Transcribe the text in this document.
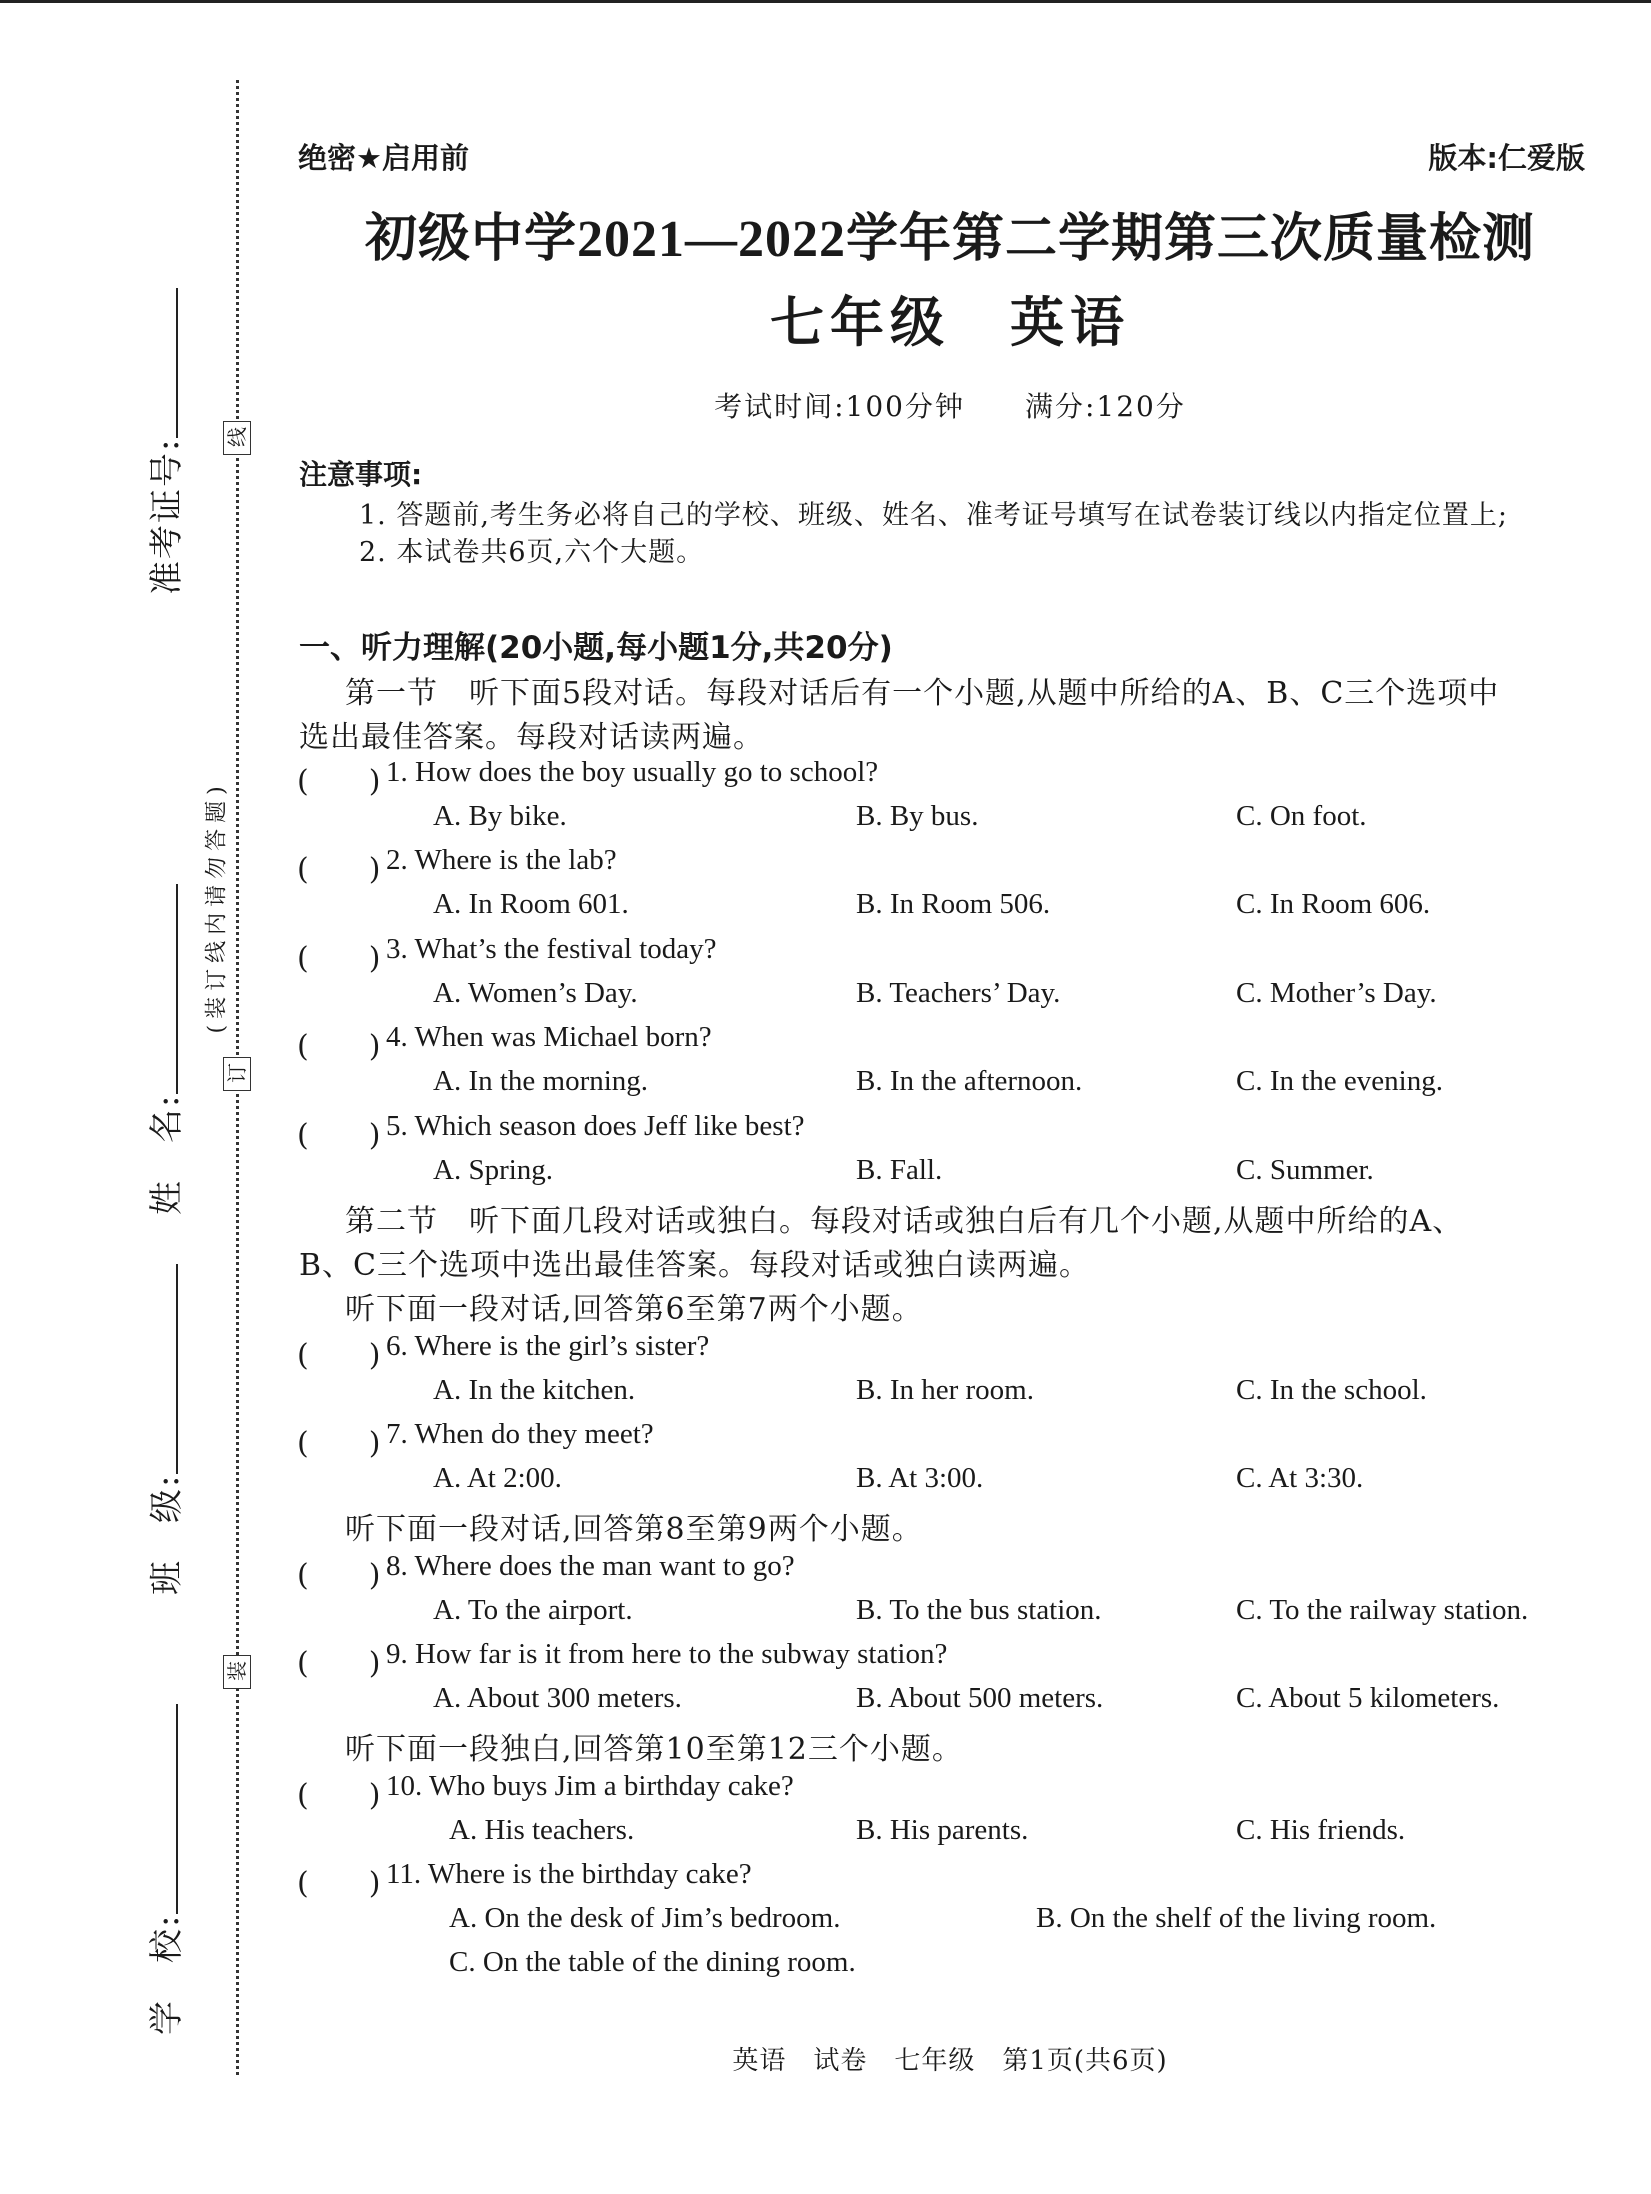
线
订
装
(装订线内请勿答题)
准考证号:
姓　名:
班　级:
学　校:
绝密★启用前	版本:仁爱版
初级中学2021—2022学年第二学期第三次质量检测
七年级　英语
考试时间:100分钟　　满分:120分
注意事项:
1. 答题前,考生务必将自己的学校、班级、姓名、准考证号填写在试卷装订线以内指定位置上;
2. 本试卷共6页,六个大题。
一、听力理解(20小题,每小题1分,共20分)
第一节　听下面5段对话。每段对话后有一个小题,从题中所给的A、B、C三个选项中
选出最佳答案。每段对话读两遍。
(　　) 1. How does the boy usually go to school?
A. By bike.	B. By bus.	C. On foot.
(　　) 2. Where is the lab?
A. In Room 601.	B. In Room 506.	C. In Room 606.
(　　) 3. What’s the festival today?
A. Women’s Day.	B. Teachers’ Day.	C. Mother’s Day.
(　　) 4. When was Michael born?
A. In the morning.	B. In the afternoon.	C. In the evening.
(　　) 5. Which season does Jeff like best?
A. Spring.	B. Fall.	C. Summer.
第二节　听下面几段对话或独白。每段对话或独白后有几个小题,从题中所给的A、
B、C三个选项中选出最佳答案。每段对话或独白读两遍。
听下面一段对话,回答第6至第7两个小题。
(　　) 6. Where is the girl’s sister?
A. In the kitchen.	B. In her room.	C. In the school.
(　　) 7. When do they meet?
A. At 2:00.	B. At 3:00.	C. At 3:30.
听下面一段对话,回答第8至第9两个小题。
(　　) 8. Where does the man want to go?
A. To the airport.	B. To the bus station.	C. To the railway station.
(　　) 9. How far is it from here to the subway station?
A. About 300 meters.	B. About 500 meters.	C. About 5 kilometers.
听下面一段独白,回答第10至第12三个小题。
(　　) 10. Who buys Jim a birthday cake?
A. His teachers.	B. His parents.	C. His friends.
(　　) 11. Where is the birthday cake?
A. On the desk of Jim’s bedroom.	B. On the shelf of the living room.
C. On the table of the dining room.
英语　试卷　七年级　第1页(共6页)
